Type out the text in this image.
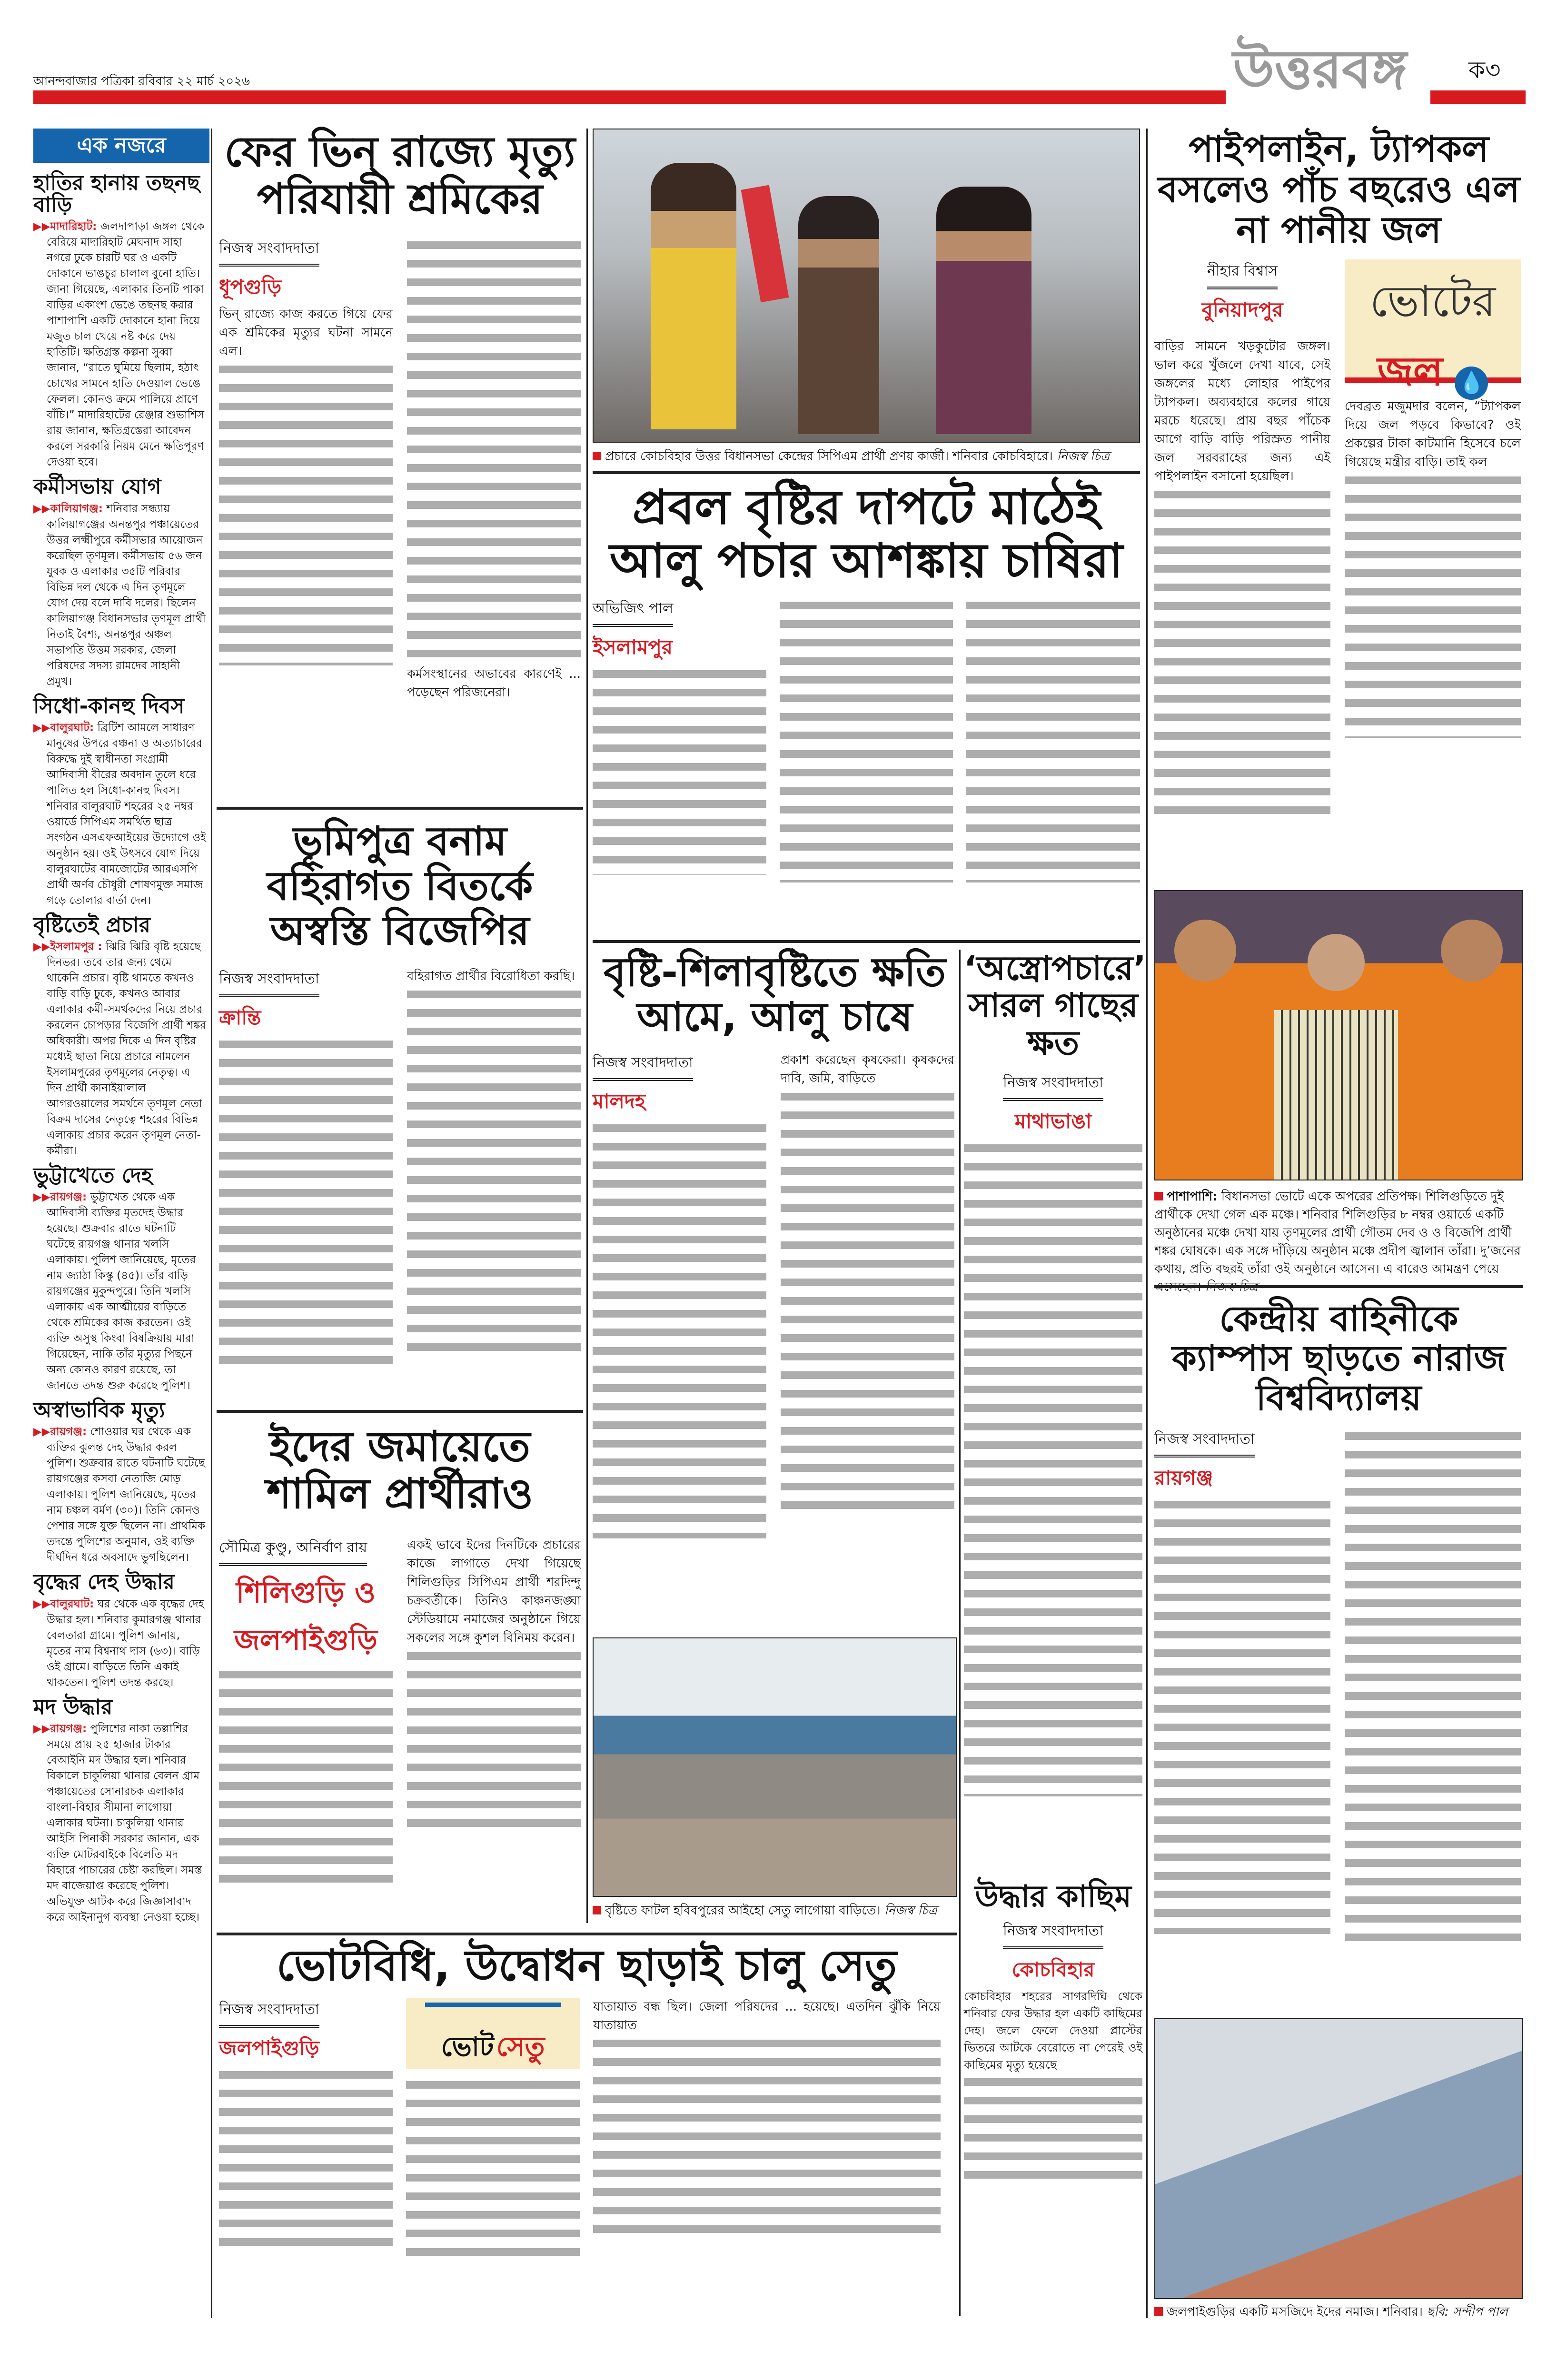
আনন্দবাজার পত্রিকা রবিবার ২২ মার্চ ২০২৬	উত্তরবঙ্গ	ক৩
এক নজরে
হাতির হানায় তছনছ বাড়ি

▶▶মাদারিহাট: জলদাপাড়া জঙ্গল থেকে বেরিয়ে মাদারিহাট মেঘনাদ সাহা নগরে ঢুকে চারটি ঘর ও একটি দোকানে ভাঙচুর চালাল বুনো হাতি। জানা গিয়েছে, এলাকার তিনটি পাকা বাড়ির একাংশ ভেঙে তছনছ করার পাশাপাশি একটি দোকানে হানা দিয়ে মজুত চাল খেয়ে নষ্ট করে দেয় হাতিটি। ক্ষতিগ্রস্ত কল্পনা সুব্বা জানান, “রাতে ঘুমিয়ে ছিলাম, হঠাৎ চোখের সামনে হাতি দেওয়াল ভেঙে ফেলল। কোনও ক্রমে পালিয়ে প্রাণে বাঁচি।” মাদারিহাটের রেঞ্জার শুভাশিস রায় জানান, ক্ষতিগ্রস্তেরা আবেদন করলে সরকারি নিয়ম মেনে ক্ষতিপূরণ দেওয়া হবে।

কর্মীসভায় যোগ

▶▶কালিয়াগঞ্জ: শনিবার সন্ধ্যায় কালিয়াগঞ্জের অনন্তপুর পঞ্চায়েতের উত্তর লক্ষ্মীপুরে কর্মীসভার আয়োজন করেছিল তৃণমূল। কর্মীসভায় ৫৬ জন যুবক ও এলাকার ৩৫টি পরিবার বিভিন্ন দল থেকে এ দিন তৃণমূলে যোগ দেয় বলে দাবি দলের। ছিলেন কালিয়াগঞ্জ বিধানসভার তৃণমূল প্রার্থী নিতাই বৈশ্য, অনন্তপুর অঞ্চল সভাপতি উত্তম সরকার, জেলা পরিষদের সদস্য রামদেব সাহানী প্রমুখ।

সিধো-কানহু দিবস

▶▶বালুরঘাট: ব্রিটিশ আমলে সাধারণ মানুষের উপরে বঞ্চনা ও অত্যাচারের বিরুদ্ধে দুই স্বাধীনতা সংগ্রামী আদিবাসী বীরের অবদান তুলে ধরে পালিত হল সিধো-কানহু দিবস। শনিবার বালুরঘাট শহরের ২৫ নম্বর ওয়ার্ডে সিপিএম সমর্থিত ছাত্র সংগঠন এসএফআইয়ের উদ্যোগে ওই অনুষ্ঠান হয়। ওই উৎসবে যোগ দিয়ে বালুরঘাটের বামজোটের আরএসপি প্রার্থী অর্ণব চৌধুরী শোষণমুক্ত সমাজ গড়ে তোলার বার্তা দেন।

বৃষ্টিতেই প্রচার

▶▶ইসলামপুর : ঝিরি ঝিরি বৃষ্টি হয়েছে দিনভর। তবে তার জন্য থেমে থাকেনি প্রচার। বৃষ্টি থামতে কখনও বাড়ি বাড়ি ঢুকে, কখনও আবার এলাকার কর্মী-সমর্থকদের নিয়ে প্রচার করলেন চোপড়ার বিজেপি প্রার্থী শঙ্কর অধিকারী। অপর দিকে এ দিন বৃষ্টির মধ্যেই ছাতা নিয়ে প্রচারে নামলেন ইসলামপুরের তৃণমূলের নেতৃত্ব। এ দিন প্রার্থী কানাইয়ালাল আগরওয়ালের সমর্থনে তৃণমূল নেতা বিক্রম দাসের নেতৃত্বে শহরের বিভিন্ন এলাকায় প্রচার করেন তৃণমূল নেতা-কর্মীরা।

ভুট্টাখেতে দেহ

▶▶রায়গঞ্জ: ভুট্টাখেত থেকে এক আদিবাসী ব্যক্তির মৃতদেহ উদ্ধার হয়েছে। শুক্রবার রাতে ঘটনাটি ঘটেছে রায়গঞ্জ থানার খলসি এলাকায়। পুলিশ জানিয়েছে, মৃতের নাম জ্যাঠা কিস্কু (৪৫)। তাঁর বাড়ি রায়গঞ্জের মুকুন্দপুরে। তিনি খলসি এলাকায় এক আত্মীয়ের বাড়িতে থেকে শ্রমিকের কাজ করতেন। ওই ব্যক্তি অসুস্থ কিংবা বিষক্রিয়ায় মারা গিয়েছেন, নাকি তাঁর মৃত্যুর পিছনে অন্য কোনও কারণ রয়েছে, তা জানতে তদন্ত শুরু করেছে পুলিশ।

অস্বাভাবিক মৃত্যু

▶▶রায়গঞ্জ: শোওয়ার ঘর থেকে এক ব্যক্তির ঝুলন্ত দেহ উদ্ধার করল পুলিশ। শুক্রবার রাতে ঘটনাটি ঘটেছে রায়গঞ্জের কসবা নেতাজি মোড় এলাকায়। পুলিশ জানিয়েছে, মৃতের নাম চঞ্চল বর্মণ (৩০)। তিনি কোনও পেশার সঙ্গে যুক্ত ছিলেন না। প্রাথমিক তদন্তে পুলিশের অনুমান, ওই ব্যক্তি দীর্ঘদিন ধরে অবসাদে ভুগছিলেন।

বৃদ্ধের দেহ উদ্ধার

▶▶বালুরঘাট: ঘর থেকে এক বৃদ্ধের দেহ উদ্ধার হল। শনিবার কুমারগঞ্জ থানার বেলতারা গ্রামে। পুলিশ জানায়, মৃতের নাম বিশ্বনাথ দাস (৬৩)। বাড়ি ওই গ্রামে। বাড়িতে তিনি একাই থাকতেন। পুলিশ তদন্ত করছে।

মদ উদ্ধার

▶▶রায়গঞ্জ: পুলিশের নাকা তল্লাশির সময়ে প্রায় ২৫ হাজার টাকার বেআইনি মদ উদ্ধার হল। শনিবার বিকালে চাকুলিয়া থানার বেলন গ্রাম পঞ্চায়েতের সোনারচক এলাকার বাংলা-বিহার সীমানা লাগোয়া এলাকার ঘটনা। চাকুলিয়া থানার আইসি পিনাকী সরকার জানান, এক ব্যক্তি মোটরবাইকে বিলেতি মদ বিহারে পাচারের চেষ্টা করছিল। সমস্ত মদ বাজেয়াপ্ত করেছে পুলিশ। অভিযুক্ত আটক করে জিজ্ঞাসাবাদ করে আইনানুগ ব্যবস্থা নেওয়া হচ্ছে।

ফের ভিন্‌ রাজ্যে মৃত্যু পরিযায়ী শ্রমিকের
নিজস্ব সংবাদদাতা
ধূপগুড়ি
ভিন্‌ রাজ্যে কাজ করতে গিয়ে ফের এক শ্রমিকের মৃত্যুর ঘটনা সামনে এল।
কর্মসংস্থানের অভাবের কারণেই ... পড়েছেন পরিজনেরা।
ভূমিপুত্র বনাম বহিরাগত বিতর্কে অস্বস্তি বিজেপির
নিজস্ব সংবাদদাতা
ক্রান্তি
বহিরাগত প্রার্থীর বিরোধিতা করছি।
ইদের জমায়েতে শামিল প্রার্থীরাও
সৌমিত্র কুণ্ডু, অনির্বাণ রায়
শিলিগুড়ি ও জলপাইগুড়ি
একই ভাবে ইদের দিনটিকে প্রচারের কাজে লাগাতে দেখা গিয়েছে শিলিগুড়ির সিপিএম প্রার্থী শরদিন্দু চক্রবর্তীকে। তিনিও কাঞ্চনজঙ্ঘা স্টেডিয়ামে নমাজের অনুষ্ঠানে গিয়ে সকলের সঙ্গে কুশল বিনিময় করেন।
প্রচারে কোচবিহার উত্তর বিধানসভা কেন্দ্রের সিপিএম প্রার্থী প্রণয় কার্জী। শনিবার কোচবিহারে। নিজস্ব চিত্র
প্রবল বৃষ্টির দাপটে মাঠেই আলু পচার আশঙ্কায় চাষিরা
অভিজিৎ পাল
ইসলামপুর
বৃষ্টি-শিলাবৃষ্টিতে ক্ষতি আমে, আলু চাষে
নিজস্ব সংবাদদাতা
মালদহ
প্রকাশ করেছেন কৃষকেরা। কৃষকদের দাবি, জমি, বাড়িতে
বৃষ্টিতে ফাটল হবিবপুরের আইহো সেতু লাগোয়া বাড়িতে। নিজস্ব চিত্র
‘অস্ত্রোপচারে’ সারল গাছের ক্ষত
নিজস্ব সংবাদদাতা
মাথাভাঙা
উদ্ধার কাছিম
নিজস্ব সংবাদদাতা
কোচবিহার
কোচবিহার শহরের সাগরদিঘি থেকে শনিবার ফের উদ্ধার হল একটি কাছিমের দেহ। জলে ফেলে দেওয়া প্লাস্টের ভিতরে আটকে বেরোতে না পেরেই ওই কাছিমের মৃত্যু হয়েছে
ভোটবিধি, উদ্বোধন ছাড়াই চালু সেতু
নিজস্ব সংবাদদাতা
জলপাইগুড়ি	ভোট সেতু
যাতায়াত বন্ধ ছিল। জেলা পরিষদের ... হয়েছে। এতদিন ঝুঁকি নিয়ে যাতায়াত
পাইপলাইন, ট্যাপকল বসলেও পাঁচ বছরেও এল না পানীয় জল
নীহার বিশ্বাস
বুনিয়াদপুর
বাড়ির সামনে খড়কুটোর জঙ্গল। ভাল করে খুঁজলে দেখা যাবে, সেই জঙ্গলের মধ্যে লোহার পাইপের ট্যাপকল। অব্যবহারে কলের গায়ে মরচে ধরেছে। প্রায় বছর পাঁচেক আগে বাড়ি বাড়ি পরিস্রুত পানীয় জল সরবরাহের জন্য এই পাইপলাইন বসানো হয়েছিল।
ভোটের
জল 💧
দেবব্রত মজুমদার বলেন, “ট্যাপকল দিয়ে জল পড়বে কিভাবে? ওই প্রকল্পের টাকা কাটমানি হিসেবে চলে গিয়েছে মন্ত্রীর বাড়ি। তাই কল
পাশাপাশি: বিধানসভা ভোটে একে অপরের প্রতিপক্ষ। শিলিগুড়িতে দুই প্রার্থীকে দেখা গেল এক মঞ্চে। শনিবার শিলিগুড়ির ৮ নম্বর ওয়ার্ডে একটি অনুষ্ঠানের মঞ্চে দেখা যায় তৃণমূলের প্রার্থী গৌতম দেব ও ও বিজেপি প্রার্থী শঙ্কর ঘোষকে। এক সঙ্গে দাঁড়িয়ে অনুষ্ঠান মঞ্চে প্রদীপ জ্বালান তাঁরা। দু’জনের কথায়, প্রতি বছরই তাঁরা ওই অনুষ্ঠানে আসেন। এ বারেও আমন্ত্রণ পেয়ে
কেন্দ্রীয় বাহিনীকে ক্যাম্পাস ছাড়তে নারাজ বিশ্ববিদ্যালয়
নিজস্ব সংবাদদাতা
রায়গঞ্জ
জলপাইগুড়ির একটি মসজিদে ইদের নমাজ। শনিবার। ছবি: সন্দীপ পাল
